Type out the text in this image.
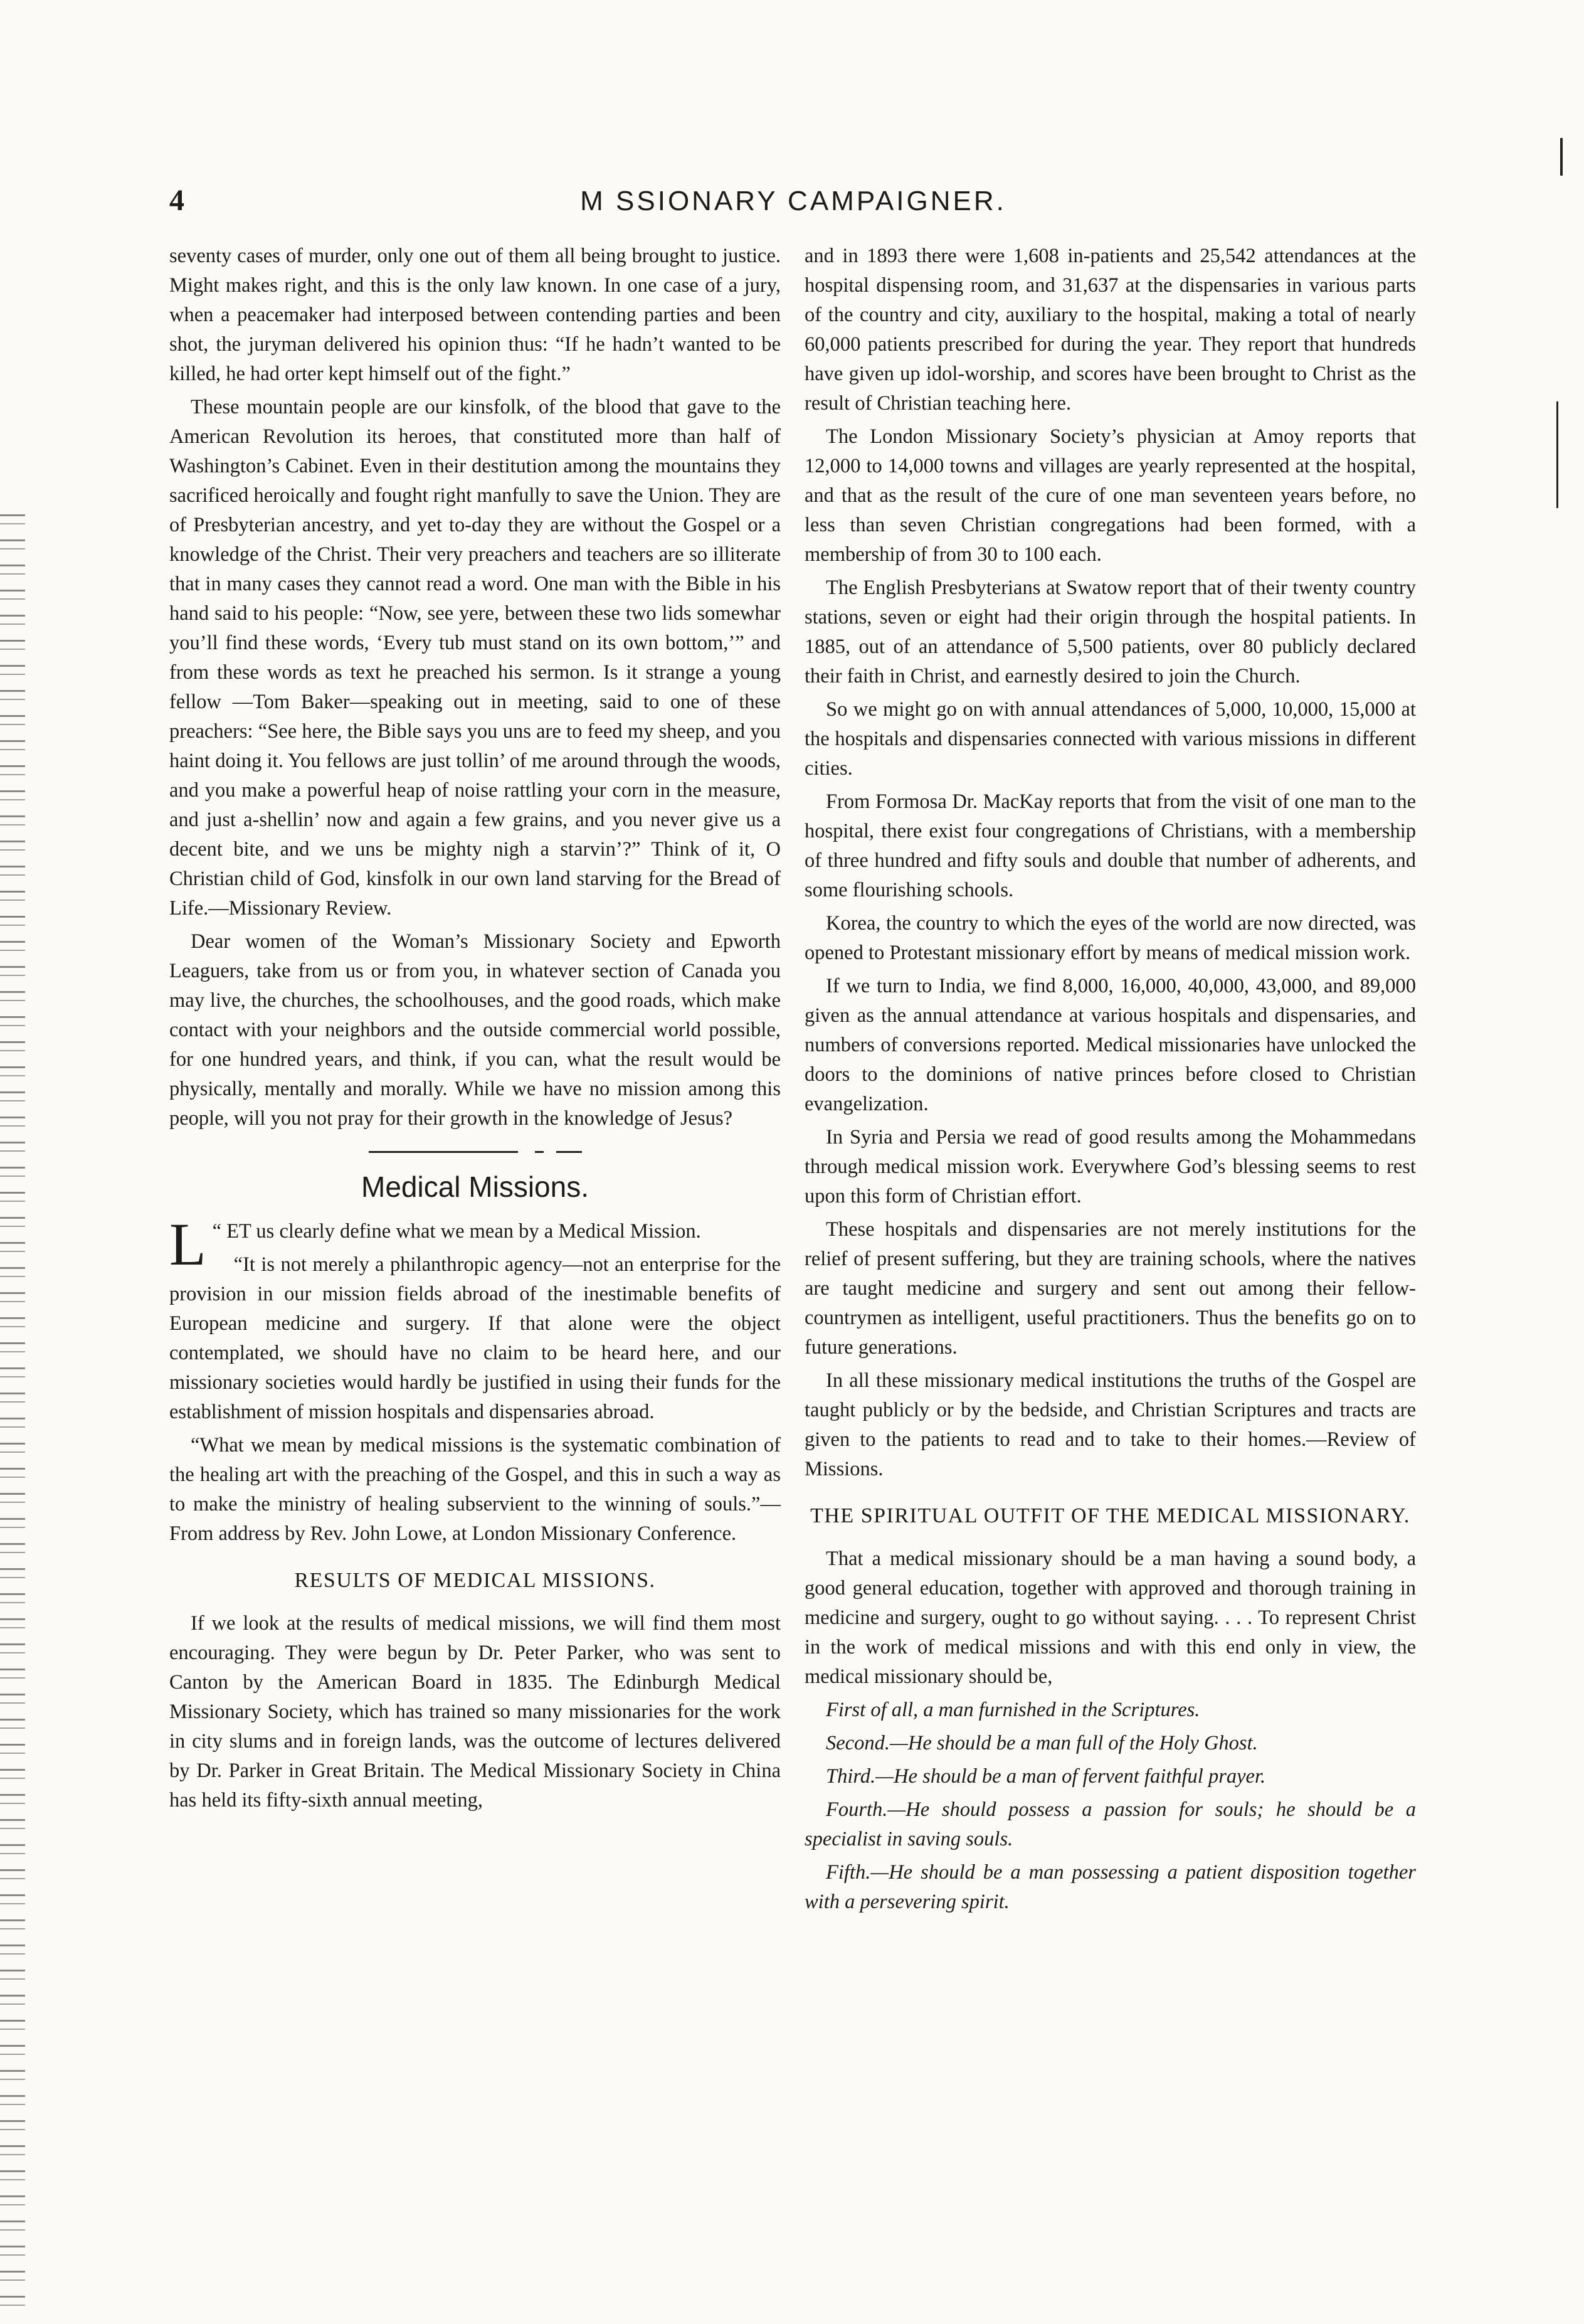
4	M SSIONARY CAMPAIGNER.

seventy cases of murder, only one out of them all being brought to justice. Might makes right, and this is the only law known. In one case of a jury, when a peacemaker had interposed between contending parties and been shot, the juryman delivered his opinion thus: “If he hadn’t wanted to be killed, he had orter kept himself out of the fight.”

These mountain people are our kinsfolk, of the blood that gave to the American Revolution its heroes, that constituted more than half of Washington’s Cabinet. Even in their destitution among the mountains they sacrificed heroically and fought right manfully to save the Union. They are of Presbyterian ancestry, and yet to-day they are without the Gospel or a knowledge of the Christ. Their very preachers and teachers are so illiterate that in many cases they cannot read a word. One man with the Bible in his hand said to his people: “Now, see yere, between these two lids somewhar you’ll find these words, ‘Every tub must stand on its own bottom,’” and from these words as text he preached his sermon. Is it strange a young fellow —Tom Baker—speaking out in meeting, said to one of these preachers: “See here, the Bible says you uns are to feed my sheep, and you haint doing it. You fellows are just tollin’ of me around through the woods, and you make a powerful heap of noise rattling your corn in the measure, and just a-shellin’ now and again a few grains, and you never give us a decent bite, and we uns be mighty nigh a starvin’?” Think of it, O Christian child of God, kinsfolk in our own land starving for the Bread of Life.—Missionary Review.

Dear women of the Woman’s Missionary Society and Epworth Leaguers, take from us or from you, in whatever section of Canada you may live, the churches, the schoolhouses, and the good roads, which make contact with your neighbors and the outside commercial world possible, for one hundred years, and think, if you can, what the result would be physically, mentally and morally. While we have no mission among this people, will you not pray for their growth in the knowledge of Jesus?

Medical Missions.

L “ ET us clearly define what we mean by a Medical Mission.

“It is not merely a philanthropic agency—not an enterprise for the provision in our mission fields abroad of the inestimable benefits of European medicine and surgery. If that alone were the object contemplated, we should have no claim to be heard here, and our missionary societies would hardly be justified in using their funds for the establishment of mission hospitals and dispensaries abroad.

“What we mean by medical missions is the systematic combination of the healing art with the preaching of the Gospel, and this in such a way as to make the ministry of healing subservient to the winning of souls.”—From address by Rev. John Lowe, at London Missionary Conference.

RESULTS OF MEDICAL MISSIONS.

If we look at the results of medical missions, we will find them most encouraging. They were begun by Dr. Peter Parker, who was sent to Canton by the American Board in 1835. The Edinburgh Medical Missionary Society, which has trained so many missionaries for the work in city slums and in foreign lands, was the outcome of lectures delivered by Dr. Parker in Great Britain. The Medical Missionary Society in China has held its fifty-sixth annual meeting,

and in 1893 there were 1,608 in-patients and 25,542 attendances at the hospital dispensing room, and 31,637 at the dispensaries in various parts of the country and city, auxiliary to the hospital, making a total of nearly 60,000 patients prescribed for during the year. They report that hundreds have given up idol-worship, and scores have been brought to Christ as the result of Christian teaching here.

The London Missionary Society’s physician at Amoy reports that 12,000 to 14,000 towns and villages are yearly represented at the hospital, and that as the result of the cure of one man seventeen years before, no less than seven Christian congregations had been formed, with a membership of from 30 to 100 each.

The English Presbyterians at Swatow report that of their twenty country stations, seven or eight had their origin through the hospital patients. In 1885, out of an attendance of 5,500 patients, over 80 publicly declared their faith in Christ, and earnestly desired to join the Church.

So we might go on with annual attendances of 5,000, 10,000, 15,000 at the hospitals and dispensaries connected with various missions in different cities.

From Formosa Dr. MacKay reports that from the visit of one man to the hospital, there exist four congregations of Christians, with a membership of three hundred and fifty souls and double that number of adherents, and some flourishing schools.

Korea, the country to which the eyes of the world are now directed, was opened to Protestant missionary effort by means of medical mission work.

If we turn to India, we find 8,000, 16,000, 40,000, 43,000, and 89,000 given as the annual attendance at various hospitals and dispensaries, and numbers of conversions reported. Medical missionaries have unlocked the doors to the dominions of native princes before closed to Christian evangelization.

In Syria and Persia we read of good results among the Mohammedans through medical mission work. Everywhere God’s blessing seems to rest upon this form of Christian effort.

These hospitals and dispensaries are not merely institutions for the relief of present suffering, but they are training schools, where the natives are taught medicine and surgery and sent out among their fellow-countrymen as intelligent, useful practitioners. Thus the benefits go on to future generations.

In all these missionary medical institutions the truths of the Gospel are taught publicly or by the bedside, and Christian Scriptures and tracts are given to the patients to read and to take to their homes.—Review of Missions.

THE SPIRITUAL OUTFIT OF THE MEDICAL MISSIONARY.

That a medical missionary should be a man having a sound body, a good general education, together with approved and thorough training in medicine and surgery, ought to go without saying. . . . To represent Christ in the work of medical missions and with this end only in view, the medical missionary should be,

First of all, a man furnished in the Scriptures.

Second.—He should be a man full of the Holy Ghost.

Third.—He should be a man of fervent faithful prayer.

Fourth.—He should possess a passion for souls; he should be a specialist in saving souls.

Fifth.—He should be a man possessing a patient disposition together with a persevering spirit.
